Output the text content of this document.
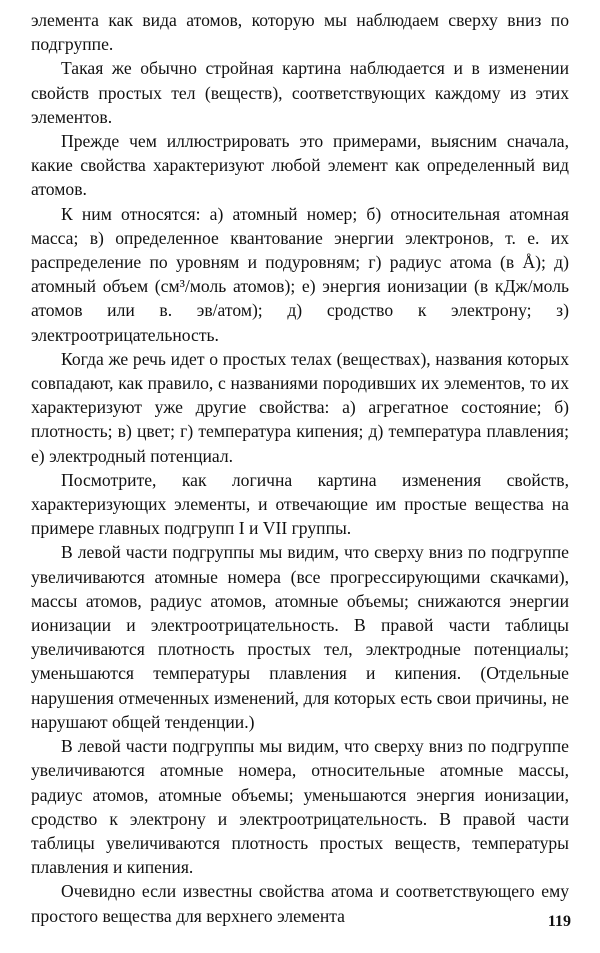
элемента как вида атомов, которую мы наблюдаем сверху вниз по подгруппе.

Такая же обычно стройная картина наблюдается и в изменении свойств простых тел (веществ), соответствующих каждому из этих элементов.

Прежде чем иллюстрировать это примерами, выясним сначала, какие свойства характеризуют любой элемент как определенный вид атомов.

К ним относятся: а) атомный номер; б) относительная атомная масса; в) определенное квантование энергии электронов, т. е. их распределение по уровням и подуровням; г) радиус атома (в Å); д) атомный объем (см³/моль атомов); е) энергия ионизации (в кДж/моль атомов или в. эв/атом); д) сродство к электрону; з) электроотрицательность.

Когда же речь идет о простых телах (веществах), названия которых совпадают, как правило, с названиями породивших их элементов, то их характеризуют уже другие свойства: а) агрегатное состояние; б) плотность; в) цвет; г) температура кипения; д) температура плавления; е) электродный потенциал.

Посмотрите, как логична картина изменения свойств, характеризующих элементы, и отвечающие им простые вещества на примере главных подгрупп I и VII группы.

В левой части подгруппы мы видим, что сверху вниз по подгруппе увеличиваются атомные номера (все прогрессирующими скачками), массы атомов, радиус атомов, атомные объемы; снижаются энергии ионизации и электроотрицательность. В правой части таблицы увеличиваются плотность простых тел, электродные потенциалы; уменьшаются температуры плавления и кипения. (Отдельные нарушения отмеченных изменений, для которых есть свои причины, не нарушают общей тенденции.)

В левой части подгруппы мы видим, что сверху вниз по подгруппе увеличиваются атомные номера, относительные атомные массы, радиус атомов, атомные объемы; уменьшаются энергия ионизации, сродство к электрону и электроотрицательность. В правой части таблицы увеличиваются плотность простых веществ, температуры плавления и кипения.

Очевидно если известны свойства атома и соответствующего ему простого вещества для верхнего элемента	119
